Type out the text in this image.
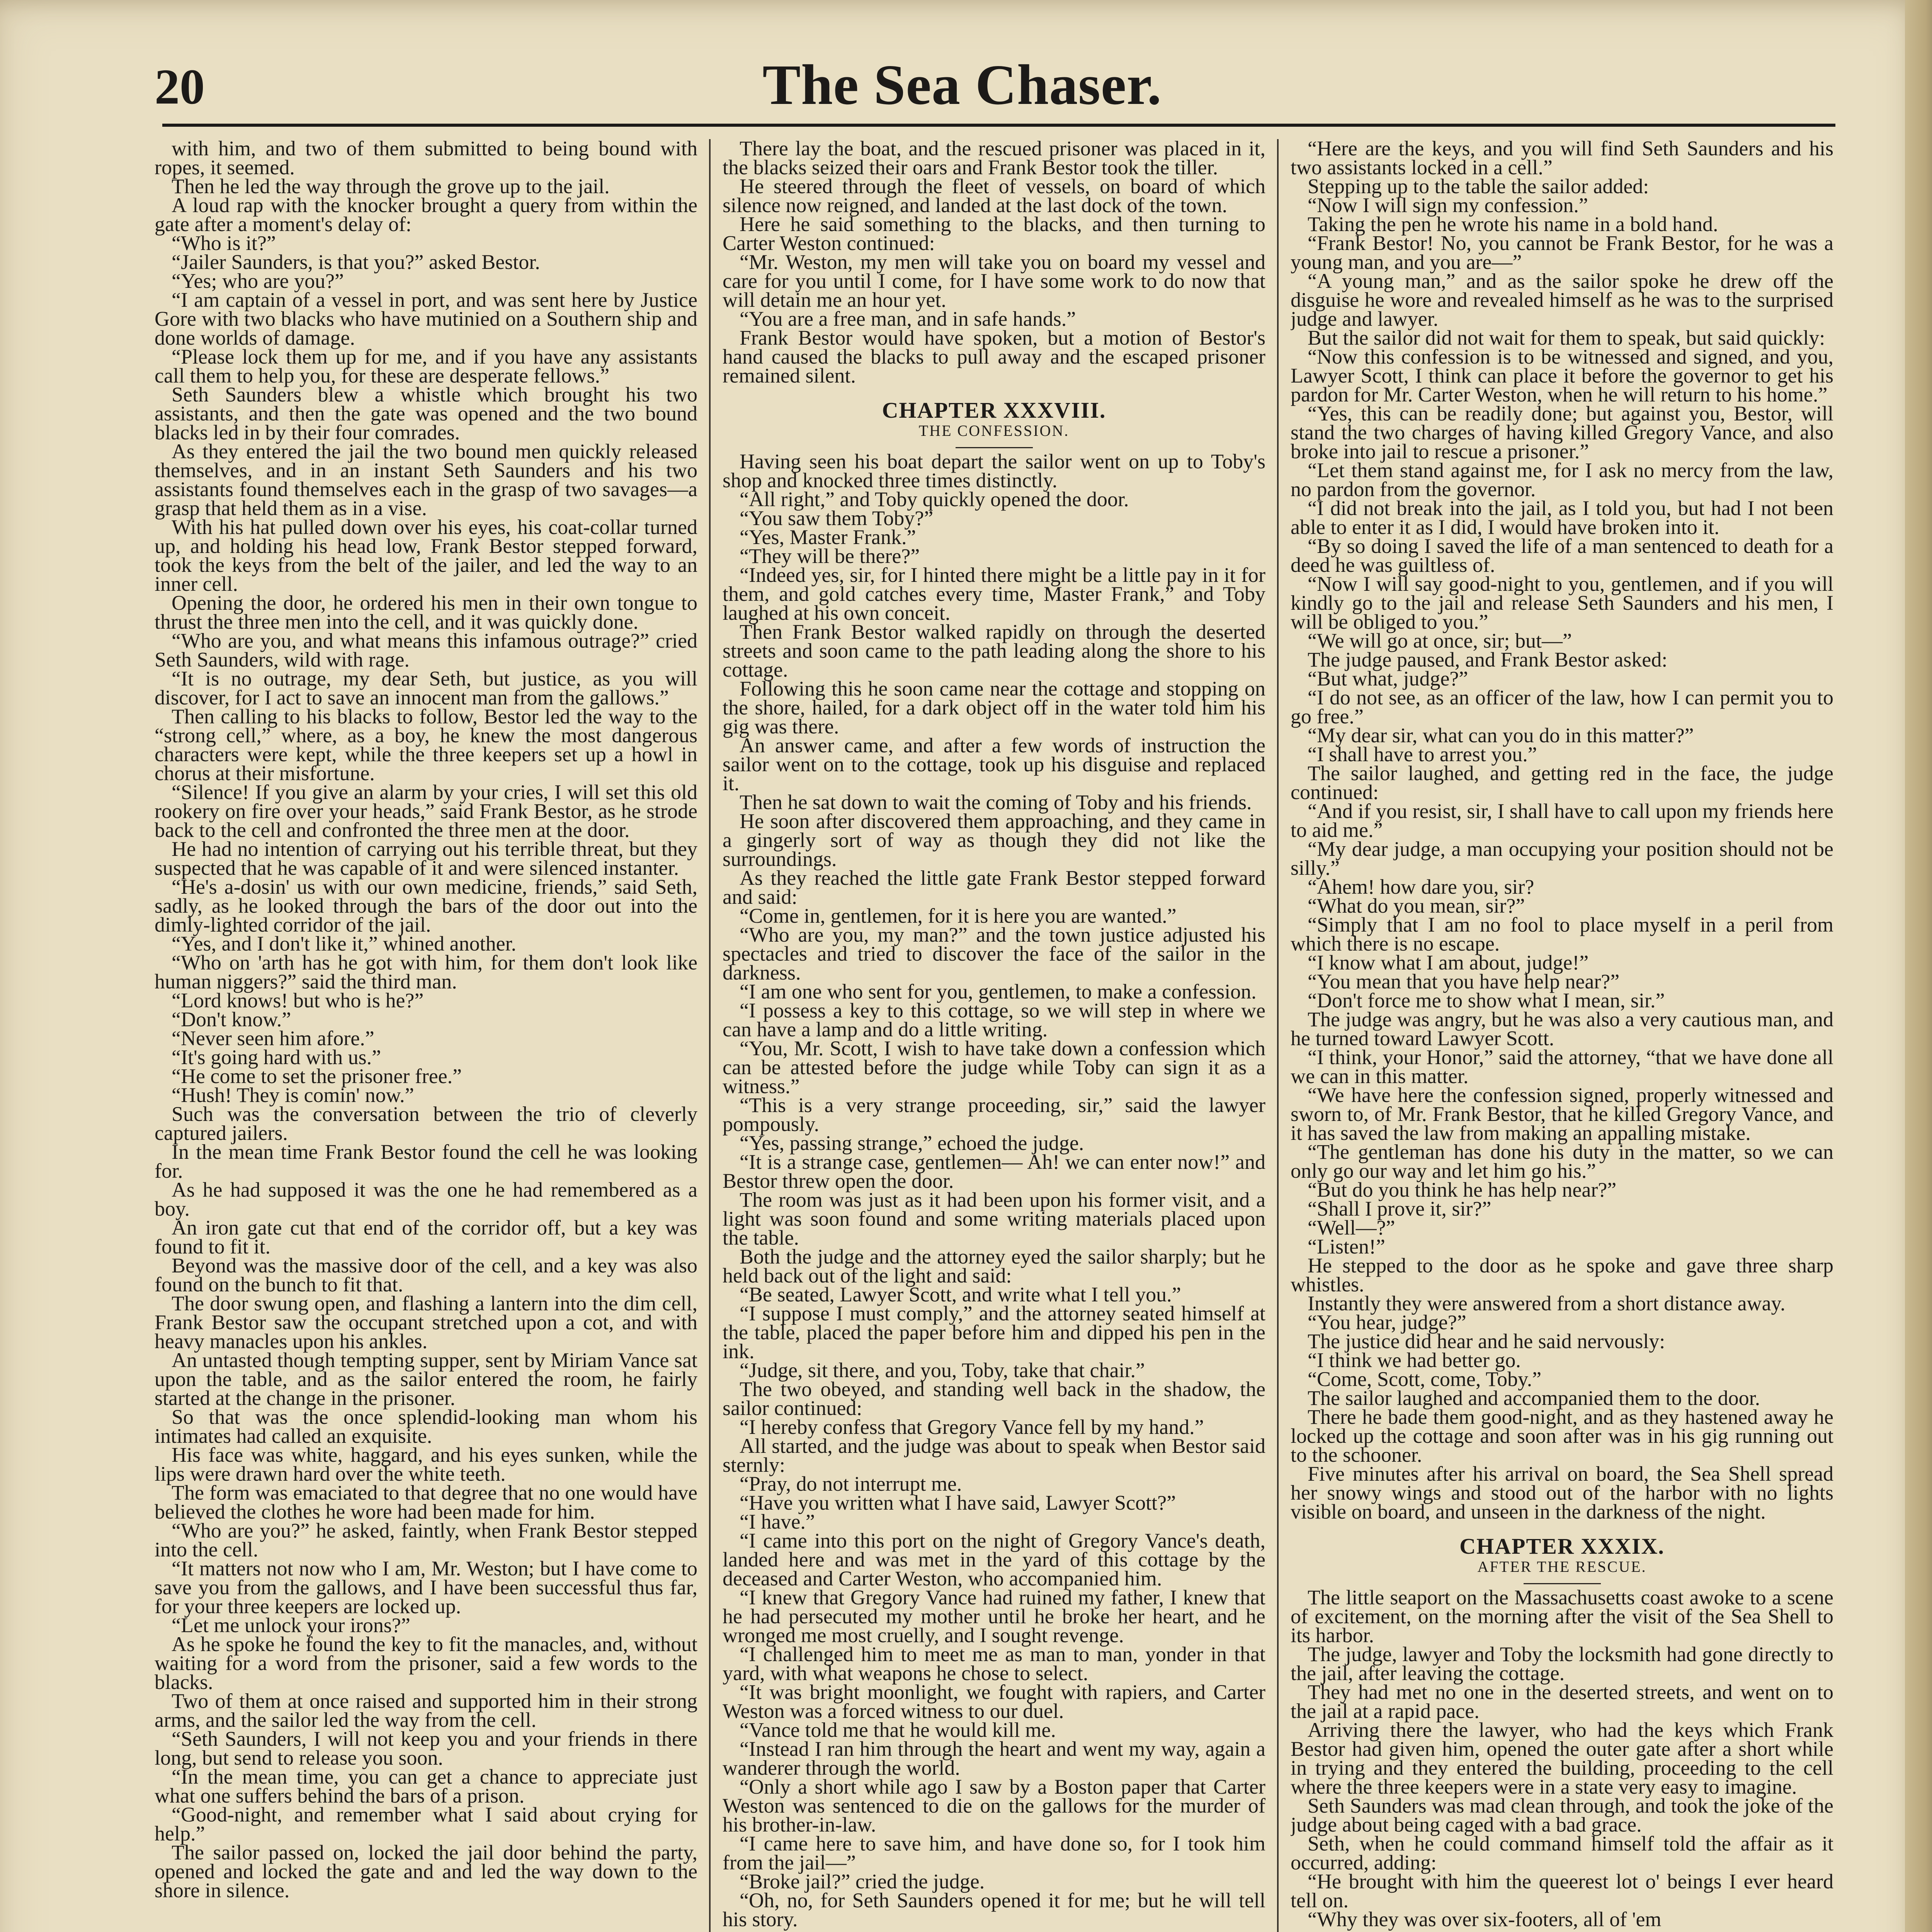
20	The Sea Chaser.

with him, and two of them submitted to being bound with ropes, it seemed.

Then he led the way through the grove up to the jail.

A loud rap with the knocker brought a query from within the gate after a moment's delay of:

“Who is it?”

“Jailer Saunders, is that you?” asked Bestor.

“Yes; who are you?”

“I am captain of a vessel in port, and was sent here by Justice Gore with two blacks who have mutinied on a Southern ship and done worlds of damage.

“Please lock them up for me, and if you have any assistants call them to help you, for these are desperate fellows.”

Seth Saunders blew a whistle which brought his two assistants, and then the gate was opened and the two bound blacks led in by their four comrades.

As they entered the jail the two bound men quickly released themselves, and in an instant Seth Saunders and his two assistants found themselves each in the grasp of two savages—a grasp that held them as in a vise.

With his hat pulled down over his eyes, his coat-collar turned up, and holding his head low, Frank Bestor stepped forward, took the keys from the belt of the jailer, and led the way to an inner cell.

Opening the door, he ordered his men in their own tongue to thrust the three men into the cell, and it was quickly done.

“Who are you, and what means this infamous outrage?” cried Seth Saunders, wild with rage.

“It is no outrage, my dear Seth, but justice, as you will discover, for I act to save an innocent man from the gallows.”

Then calling to his blacks to follow, Bestor led the way to the “strong cell,” where, as a boy, he knew the most dangerous characters were kept, while the three keepers set up a howl in chorus at their misfortune.

“Silence! If you give an alarm by your cries, I will set this old rookery on fire over your heads,” said Frank Bestor, as he strode back to the cell and confronted the three men at the door.

He had no intention of carrying out his terrible threat, but they suspected that he was capable of it and were silenced instanter.

“He's a-dosin' us with our own medicine, friends,” said Seth, sadly, as he looked through the bars of the door out into the dimly-lighted corridor of the jail.

“Yes, and I don't like it,” whined another.

“Who on 'arth has he got with him, for them don't look like human niggers?” said the third man.

“Lord knows! but who is he?”

“Don't know.”

“Never seen him afore.”

“It's going hard with us.”

“He come to set the prisoner free.”

“Hush! They is comin' now.”

Such was the conversation between the trio of cleverly captured jailers.

In the mean time Frank Bestor found the cell he was looking for.

As he had supposed it was the one he had remembered as a boy.

An iron gate cut that end of the corridor off, but a key was found to fit it.

Beyond was the massive door of the cell, and a key was also found on the bunch to fit that.

The door swung open, and flashing a lantern into the dim cell, Frank Bestor saw the occupant stretched upon a cot, and with heavy manacles upon his ankles.

An untasted though tempting supper, sent by Miriam Vance sat upon the table, and as the sailor entered the room, he fairly started at the change in the prisoner.

So that was the once splendid-looking man whom his intimates had called an exquisite.

His face was white, haggard, and his eyes sunken, while the lips were drawn hard over the white teeth.

The form was emaciated to that degree that no one would have believed the clothes he wore had been made for him.

“Who are you?” he asked, faintly, when Frank Bestor stepped into the cell.

“It matters not now who I am, Mr. Weston; but I have come to save you from the gallows, and I have been successful thus far, for your three keepers are locked up.

“Let me unlock your irons?”

As he spoke he found the key to fit the manacles, and, without waiting for a word from the prisoner, said a few words to the blacks.

Two of them at once raised and supported him in their strong arms, and the sailor led the way from the cell.

“Seth Saunders, I will not keep you and your friends in there long, but send to release you soon.

“In the mean time, you can get a chance to appreciate just what one suffers behind the bars of a prison.

“Good-night, and remember what I said about crying for help.”

The sailor passed on, locked the jail door behind the party, opened and locked the gate and and led the way down to the shore in silence.

There lay the boat, and the rescued prisoner was placed in it, the blacks seized their oars and Frank Bestor took the tiller.

He steered through the fleet of vessels, on board of which silence now reigned, and landed at the last dock of the town.

Here he said something to the blacks, and then turning to Carter Weston continued:

“Mr. Weston, my men will take you on board my vessel and care for you until I come, for I have some work to do now that will detain me an hour yet.

“You are a free man, and in safe hands.”

Frank Bestor would have spoken, but a motion of Bestor's hand caused the blacks to pull away and the escaped prisoner remained silent.

CHAPTER XXXVIII.
THE CONFESSION.

Having seen his boat depart the sailor went on up to Toby's shop and knocked three times distinctly.

“All right,” and Toby quickly opened the door.

“You saw them Toby?”

“Yes, Master Frank.”

“They will be there?”

“Indeed yes, sir, for I hinted there might be a little pay in it for them, and gold catches every time, Master Frank,” and Toby laughed at his own conceit.

Then Frank Bestor walked rapidly on through the deserted streets and soon came to the path leading along the shore to his cottage.

Following this he soon came near the cottage and stopping on the shore, hailed, for a dark object off in the water told him his gig was there.

An answer came, and after a few words of instruction the sailor went on to the cottage, took up his disguise and replaced it.

Then he sat down to wait the coming of Toby and his friends.

He soon after discovered them approaching, and they came in a gingerly sort of way as though they did not like the surroundings.

As they reached the little gate Frank Bestor stepped forward and said:

“Come in, gentlemen, for it is here you are wanted.”

“Who are you, my man?” and the town justice adjusted his spectacles and tried to discover the face of the sailor in the darkness.

“I am one who sent for you, gentlemen, to make a confession.

“I possess a key to this cottage, so we will step in where we can have a lamp and do a little writing.

“You, Mr. Scott, I wish to have take down a confession which can be attested before the judge while Toby can sign it as a witness.”

“This is a very strange proceeding, sir,” said the lawyer pompously.

“Yes, passing strange,” echoed the judge.

“It is a strange case, gentlemen— Ah! we can enter now!” and Bestor threw open the door.

The room was just as it had been upon his former visit, and a light was soon found and some writing materials placed upon the table.

Both the judge and the attorney eyed the sailor sharply; but he held back out of the light and said:

“Be seated, Lawyer Scott, and write what I tell you.”

“I suppose I must comply,” and the attorney seated himself at the table, placed the paper before him and dipped his pen in the ink.

“Judge, sit there, and you, Toby, take that chair.”

The two obeyed, and standing well back in the shadow, the sailor continued:

“I hereby confess that Gregory Vance fell by my hand.”

All started, and the judge was about to speak when Bestor said sternly:

“Pray, do not interrupt me.

“Have you written what I have said, Lawyer Scott?”

“I have.”

“I came into this port on the night of Gregory Vance's death, landed here and was met in the yard of this cottage by the deceased and Carter Weston, who accompanied him.

“I knew that Gregory Vance had ruined my father, I knew that he had persecuted my mother until he broke her heart, and he wronged me most cruelly, and I sought revenge.

“I challenged him to meet me as man to man, yonder in that yard, with what weapons he chose to select.

“It was bright moonlight, we fought with rapiers, and Carter Weston was a forced witness to our duel.

“Vance told me that he would kill me.

“Instead I ran him through the heart and went my way, again a wanderer through the world.

“Only a short while ago I saw by a Boston paper that Carter Weston was sentenced to die on the gallows for the murder of his brother-in-law.

“I came here to save him, and have done so, for I took him from the jail—”

“Broke jail?” cried the judge.

“Oh, no, for Seth Saunders opened it for me; but he will tell his story.

“Here are the keys, and you will find Seth Saunders and his two assistants locked in a cell.”

Stepping up to the table the sailor added:

“Now I will sign my confession.”

Taking the pen he wrote his name in a bold hand.

“Frank Bestor! No, you cannot be Frank Bestor, for he was a young man, and you are—”

“A young man,” and as the sailor spoke he drew off the disguise he wore and revealed himself as he was to the surprised judge and lawyer.

But the sailor did not wait for them to speak, but said quickly:

“Now this confession is to be witnessed and signed, and you, Lawyer Scott, I think can place it before the governor to get his pardon for Mr. Carter Weston, when he will return to his home.”

“Yes, this can be readily done; but against you, Bestor, will stand the two charges of having killed Gregory Vance, and also broke into jail to rescue a prisoner.”

“Let them stand against me, for I ask no mercy from the law, no pardon from the governor.

“I did not break into the jail, as I told you, but had I not been able to enter it as I did, I would have broken into it.

“By so doing I saved the life of a man sentenced to death for a deed he was guiltless of.

“Now I will say good-night to you, gentlemen, and if you will kindly go to the jail and release Seth Saunders and his men, I will be obliged to you.”

“We will go at once, sir; but—”

The judge paused, and Frank Bestor asked:

“But what, judge?”

“I do not see, as an officer of the law, how I can permit you to go free.”

“My dear sir, what can you do in this matter?”

“I shall have to arrest you.”

The sailor laughed, and getting red in the face, the judge continued:

“And if you resist, sir, I shall have to call upon my friends here to aid me.”

“My dear judge, a man occupying your position should not be silly.”

“Ahem! how dare you, sir?

“What do you mean, sir?”

“Simply that I am no fool to place myself in a peril from which there is no escape.

“I know what I am about, judge!”

“You mean that you have help near?”

“Don't force me to show what I mean, sir.”

The judge was angry, but he was also a very cautious man, and he turned toward Lawyer Scott.

“I think, your Honor,” said the attorney, “that we have done all we can in this matter.

“We have here the confession signed, properly witnessed and sworn to, of Mr. Frank Bestor, that he killed Gregory Vance, and it has saved the law from making an appalling mistake.

“The gentleman has done his duty in the matter, so we can only go our way and let him go his.”

“But do you think he has help near?”

“Shall I prove it, sir?”

“Well—?”

“Listen!”

He stepped to the door as he spoke and gave three sharp whistles.

Instantly they were answered from a short distance away.

“You hear, judge?”

The justice did hear and he said nervously:

“I think we had better go.

“Come, Scott, come, Toby.”

The sailor laughed and accompanied them to the door.

There he bade them good-night, and as they hastened away he locked up the cottage and soon after was in his gig running out to the schooner.

Five minutes after his arrival on board, the Sea Shell spread her snowy wings and stood out of the harbor with no lights visible on board, and unseen in the darkness of the night.

CHAPTER XXXIX.
AFTER THE RESCUE.

The little seaport on the Massachusetts coast awoke to a scene of excitement, on the morning after the visit of the Sea Shell to its harbor.

The judge, lawyer and Toby the locksmith had gone directly to the jail, after leaving the cottage.

They had met no one in the deserted streets, and went on to the jail at a rapid pace.

Arriving there the lawyer, who had the keys which Frank Bestor had given him, opened the outer gate after a short while in trying and they entered the building, proceeding to the cell where the three keepers were in a state very easy to imagine.

Seth Saunders was mad clean through, and took the joke of the judge about being caged with a bad grace.

Seth, when he could command himself told the affair as it occurred, adding:

“He brought with him the queerest lot o' beings I ever heard tell on.

“Why they was over six-footers, all of 'em
